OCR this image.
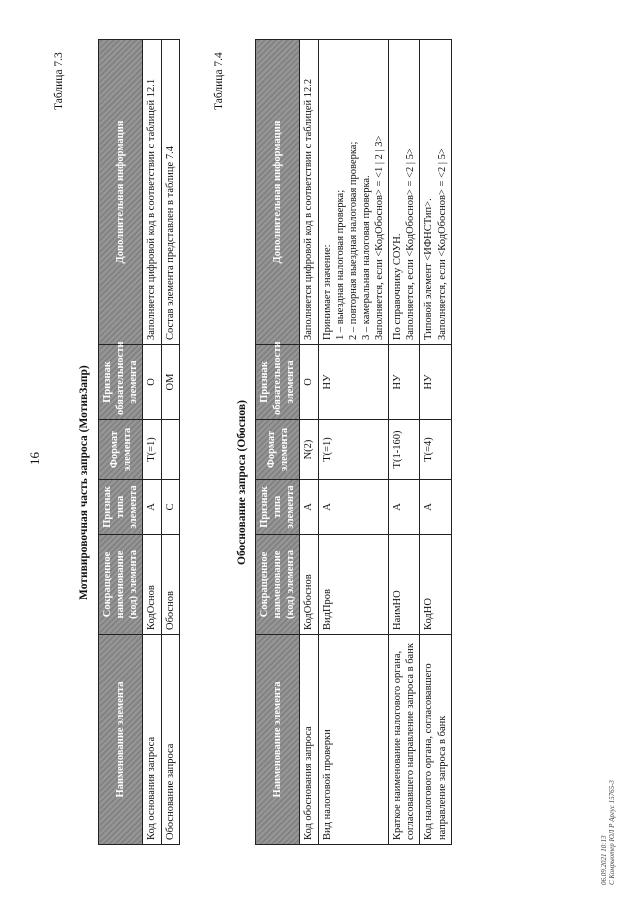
16
Таблица 7.3
Мотивировочная часть запроса (МотивЗапр)
Наименование элемента	Сокращенное наименование (код) элемента	Признак типа элемента	Формат элемента	Признак обязательности элемента	Дополнительная информация
Код основания запроса	КодОснов	А	Т(=1)	О	Заполняется цифровой код в соответствии с таблицей 12.1
Обоснование запроса	Обоснов	С		ОМ	Состав элемента представлен в таблице 7.4
Таблица 7.4
Обоснование запроса (Обоснов)
Наименование элемента	Сокращенное наименование (код) элемента	Признак типа элемента	Формат элемента	Признак обязательности элемента	Дополнительная информация
Код обоснования запроса	КодОбоснов	А	N(2)	О	Заполняется цифровой код в соответствии с таблицей 12.2
Вид налоговой проверки	ВидПров	А	Т(=1)	НУ	Принимает значение:
1 – выездная налоговая проверка;
2 – повторная выездная налоговая проверка;
3 – камеральная налоговая проверка.
Заполняется, если <КодОбоснов> = <1 | 2 | 3>
Краткое наименование налогового органа, согласовавшего направление запроса в банк	НаимНО	А	Т(1-160)	НУ	По справочнику СОУН.
Заполняется, если <КодОбоснов> = <2 | 5>
Код налогового органа, согласовавшего направление запроса в банк	КодНО	А	Т(=4)	НУ	Типовой элемент <ИФНСТип>.
Заполняется, если <КодОбоснов> = <2 | 5>
06.09.2021 10:13
С Комрьютер ЮЛ Р Аргус 15765-3
